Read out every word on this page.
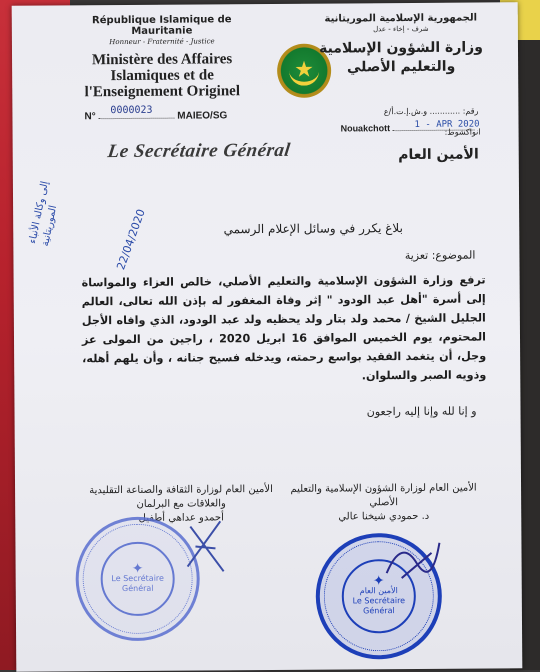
République Islamique de Mauritanie
Honneur - Fraternité - Justice
Ministère des Affaires Islamiques et de l'Enseignement Originel
★
الجمهورية الإسلامية الموريتانية
شرف - إخاء - عدل
وزارة الشؤون الإسلامية والتعليم الأصلي
N°	MAIEO/SG
0000023	رقم: ............ و.ش.إ.ت.أ/ع
Nouakchott	1 - APR 2020
انواكشوط:
Le Secrétaire Général	الأمين العام
إلى وكالة الأنباء الموريتانية	22/04/2020	بلاغ يكرر في وسائل الإعلام الرسمي
الموضوع: تعزية
ترفع وزارة الشؤون الإسلامية والتعليم الأصلي، خالص العزاء والمواساة إلى أسرة "أهل عبد الودود " إثر وفاة المغفور له بإذن الله تعالى، العالم الجليل الشيخ / محمد ولد بتار ولد يحظيه ولد عبد الودود، الذي وافاه الأجل المحتوم، يوم الخميس الموافق 16 ابريل 2020 ، راجين من المولى عز وجل، أن يتغمد الفقيد بواسع رحمته، ويدخله فسيح جنانه ، وأن يلهم أهله، وذويه الصبر والسلوان.
و إنا لله وإنا إليه راجعون
الأمين العام لوزارة الثقافة والصناعة التقليدية والعلاقات مع البرلمان
أحمدو عداهي أطفيل
الأمين العام لوزارة الشؤون الإسلامية والتعليم الأصلي
د. حمودي شيخنا عالي
✦
Le Secrétaire
Général	✦
الأمين العام
Le Secrétaire
Général
